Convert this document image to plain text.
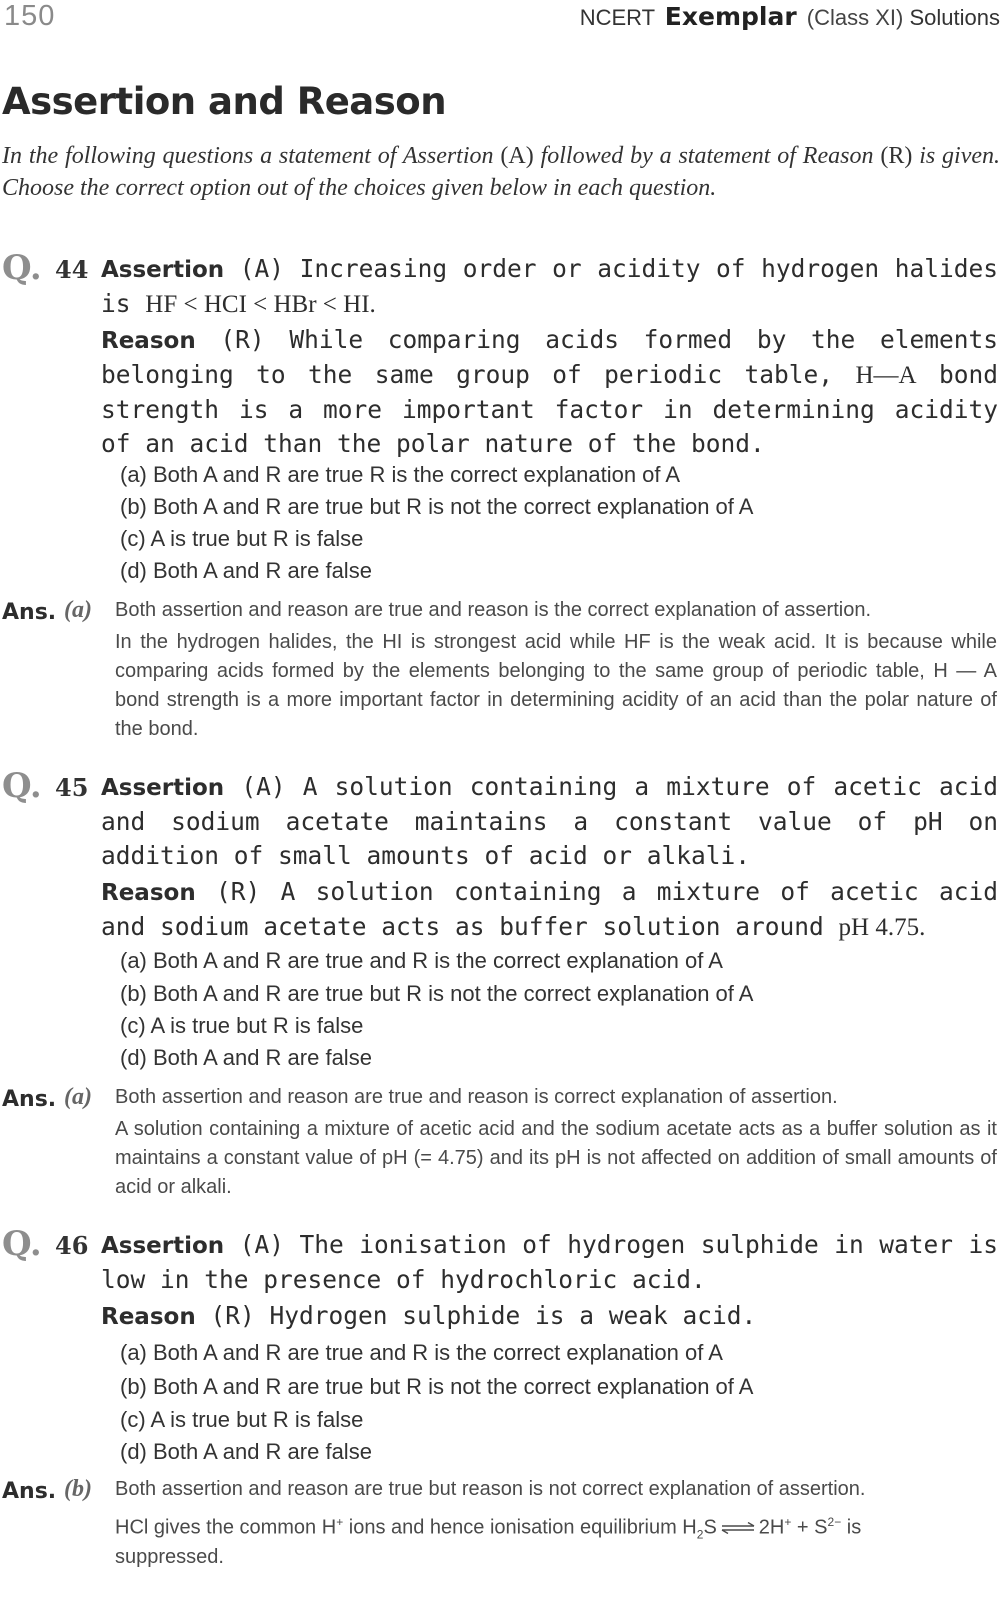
150	NCERT Exemplar (Class XI) Solutions
Assertion and Reason
In the following questions a statement of Assertion (A) followed by a statement of Reason (R) is given. Choose the correct option out of the choices given below in each question.
Q. 44 Assertion (A) Increasing order or acidity of hydrogen halides is HF < HCI < HBr < HI.
Reason (R) While comparing acids formed by the elements belonging to the same group of periodic table, H—A bond strength is a more important factor in determining acidity of an acid than the polar nature of the bond.
(a) Both A and R are true R is the correct explanation of A
(b) Both A and R are true but R is not the correct explanation of A
(c) A is true but R is false
(d) Both A and R are false
Ans. (a) Both assertion and reason are true and reason is the correct explanation of assertion.
In the hydrogen halides, the HI is strongest acid while HF is the weak acid. It is because while comparing acids formed by the elements belonging to the same group of periodic table, H — A bond strength is a more important factor in determining acidity of an acid than the polar nature of the bond.
Q. 45 Assertion (A) A solution containing a mixture of acetic acid and sodium acetate maintains a constant value of pH on addition of small amounts of acid or alkali.
Reason (R) A solution containing a mixture of acetic acid and sodium acetate acts as buffer solution around pH 4.75.
(a) Both A and R are true and R is the correct explanation of A
(b) Both A and R are true but R is not the correct explanation of A
(c) A is true but R is false
(d) Both A and R are false
Ans. (a) Both assertion and reason are true and reason is correct explanation of assertion.
A solution containing a mixture of acetic acid and the sodium acetate acts as a buffer solution as it maintains a constant value of pH (= 4.75) and its pH is not affected on addition of small amounts of acid or alkali.
Q. 46 Assertion (A) The ionisation of hydrogen sulphide in water is low in the presence of hydrochloric acid.
Reason (R) Hydrogen sulphide is a weak acid.
(a) Both A and R are true and R is the correct explanation of A
(b) Both A and R are true but R is not the correct explanation of A
(c) A is true but R is false
(d) Both A and R are false
Ans. (b) Both assertion and reason are true but reason is not correct explanation of assertion.
HCl gives the common H+ ions and hence ionisation equilibrium $H_2S$ ⇌ $2H^+ + S^{2-}$ is
suppressed.
